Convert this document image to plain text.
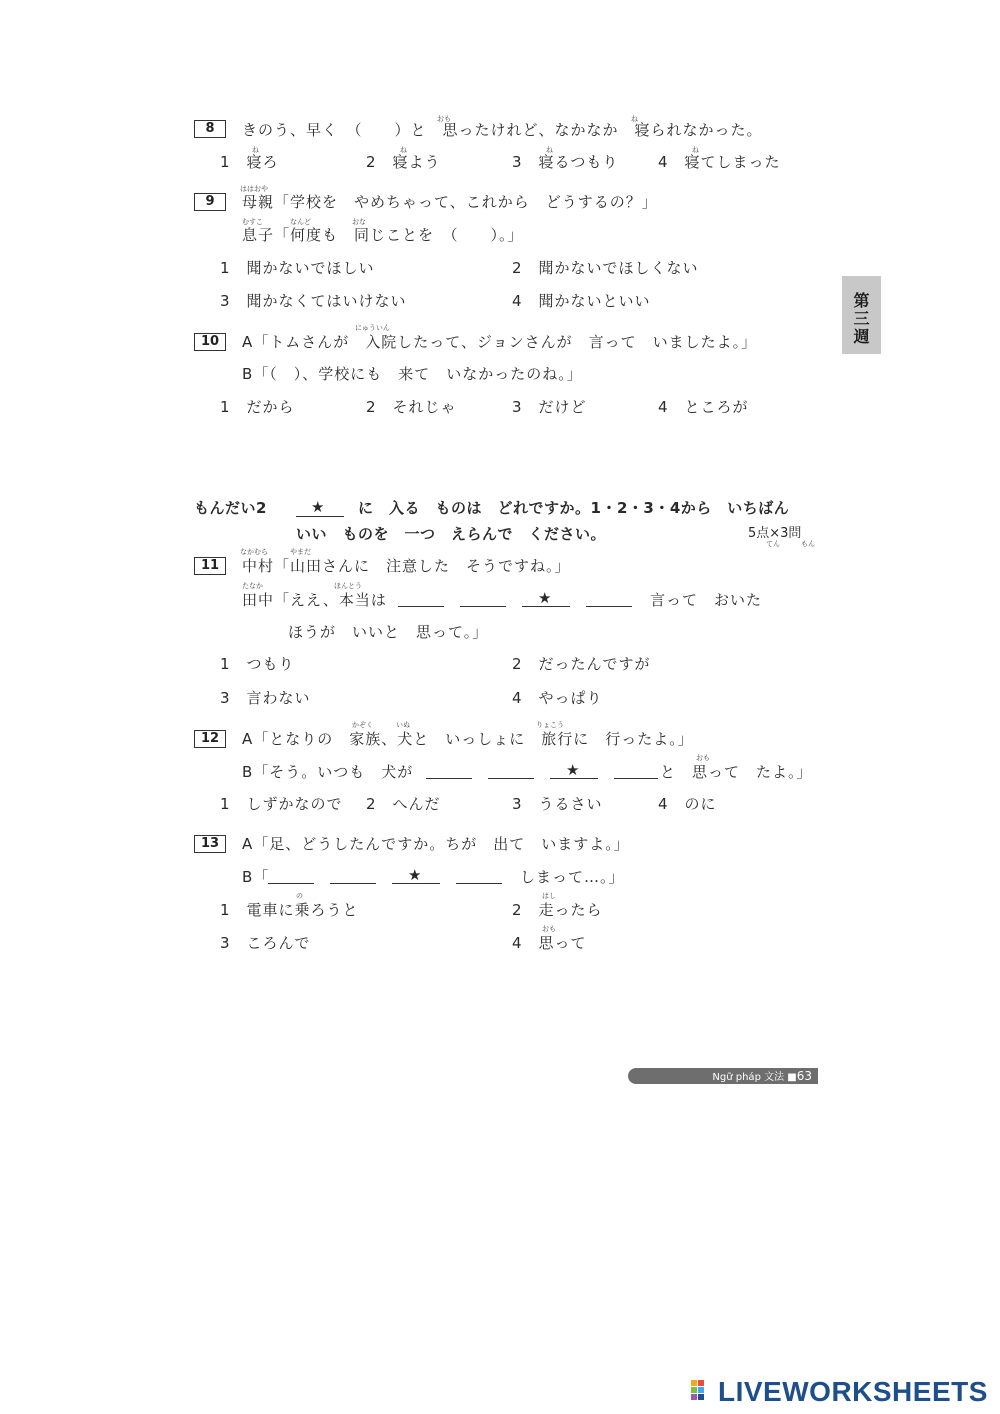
8
おも	ね
きのう、早く　（　　）と　思ったけれど、なかなか　寝られなかった。
ね	ね	ね	ね
1　寝ろ	2　寝よう	3　寝るつもり	4　寝てしまった
9
ははおや
母親「学校を　やめちゃって、これから　どうするの？」
むすこ	なんど	おな
息子「何度も　同じことを　（　　）。」
1　聞かないでほしい	2　聞かないでほしくない
3　聞かなくてはいけない	4　聞かないといい
10
にゅういん
A「トムさんが　入院したって、ジョンさんが　言って　いましたよ。」
B「（　）、学校にも　来て　いなかったのね。」
1　だから	2　それじゃ	3　だけど	4　ところが
もんだい2	★ に　入る　ものは　どれですか。1・2・3・4から　いちばん
いい　ものを　一つ　えらんで　ください。	5点×3問
てん　　　もん
11
なかむら	やまだ
中村「山田さんに　注意した　そうですね。」
たなか	ほんとう
田中「ええ、本当は	★	言って　おいた
ほうが　いいと　思って。」
1　つもり	2　だったんですが
3　言わない	4　やっぱり
12
かぞく	いぬ	りょこう
A「となりの　家族、犬と　いっしょに　旅行に　行ったよ。」
B「そう。いつも　犬が	★
おも
と　思って　たよ。」
1　しずかなので 2　へんだ	3　うるさい	4　のに
13	A「足、どうしたんですか。ちが　出て　いますよ。」
B「	★	しまって…。」
の	はし
1　電車に乗ろうと	2　走ったら
おも
3　ころんで	4　思って
第
三
週
Ngữ pháp 文法 ■63
LIVEWORKSHEETS
